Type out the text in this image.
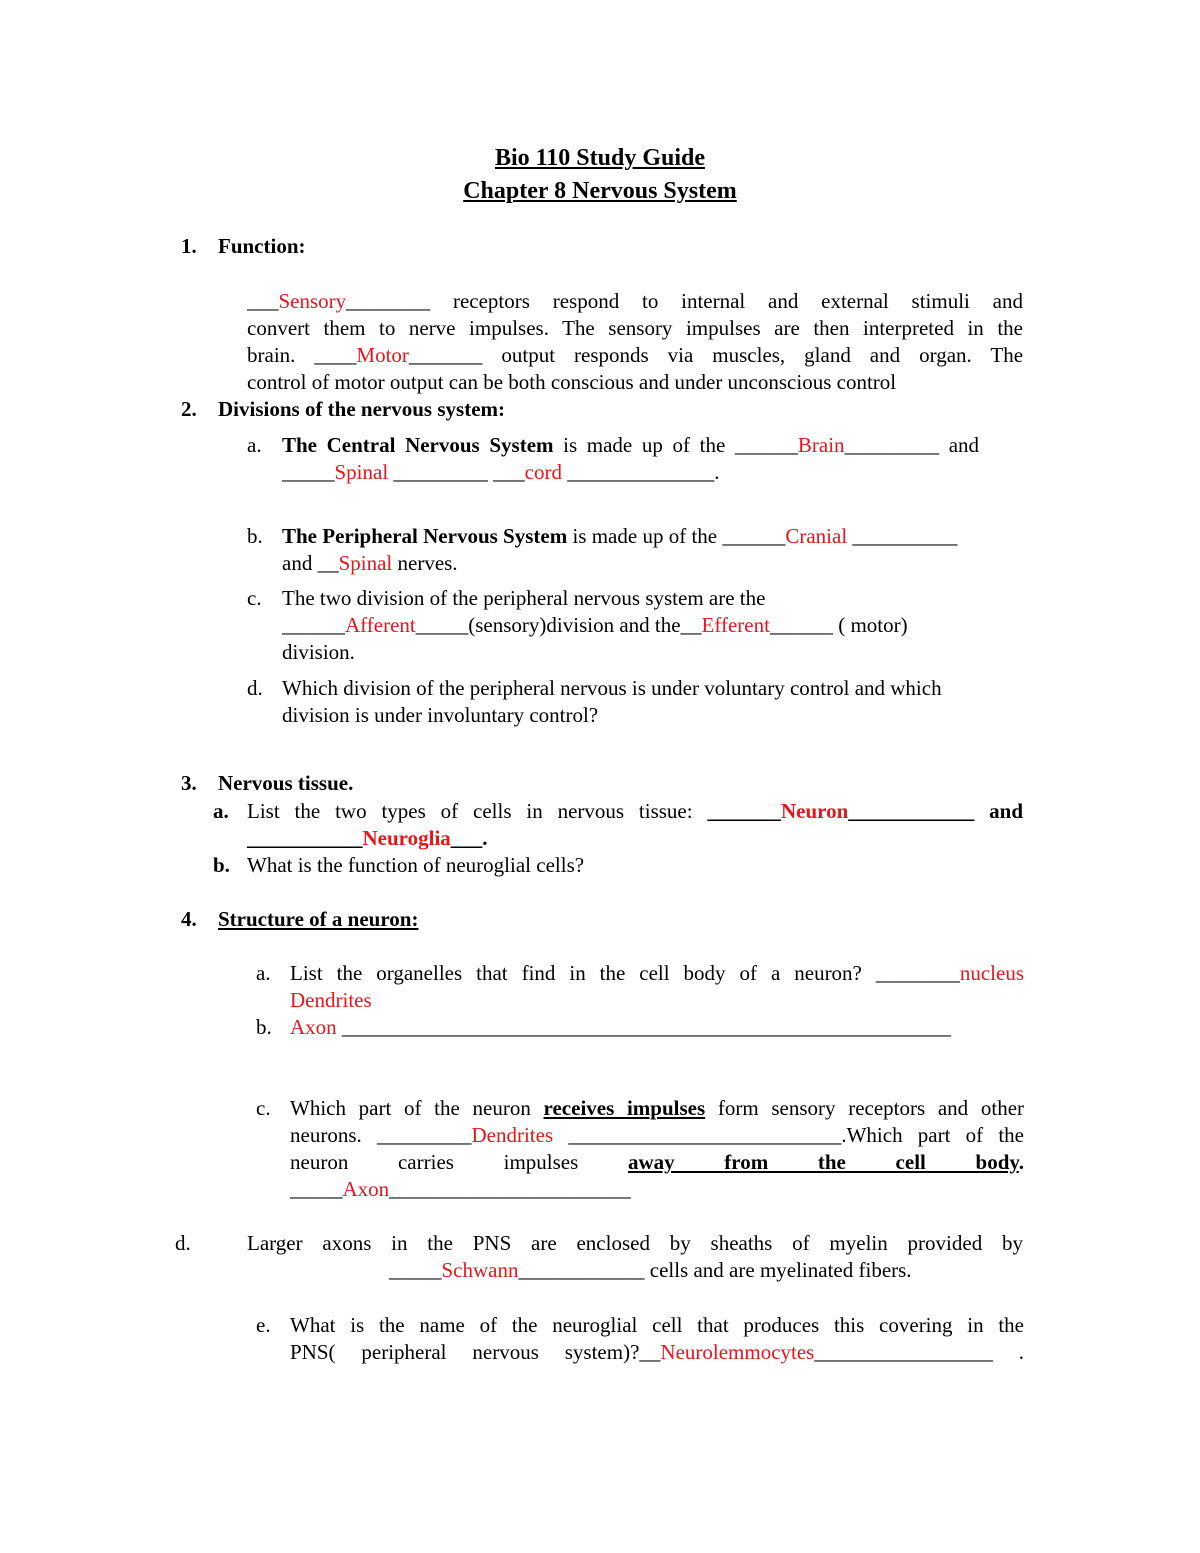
Bio 110 Study Guide
Chapter 8 Nervous System
1. Function:
___Sensory________ receptors respond to internal and external stimuli and
convert them to nerve impulses. The sensory impulses are then interpreted in the
brain. ____Motor_______ output responds via muscles, gland and organ. The
control of motor output can be both conscious and under unconscious control
2. Divisions of the nervous system:
a. The Central Nervous System is made up of the ______Brain_________ and
_____Spinal _________ ___cord ______________.
b. The Peripheral Nervous System is made up of the ______Cranial __________
and __Spinal nerves.
c. The two division of the peripheral nervous system are the
______Afferent_____(sensory)division and the__Efferent______ ( motor)
division.
d. Which division of the peripheral nervous is under voluntary control and which
division is under involuntary control?
3. Nervous tissue.
a. List the two types of cells in nervous tissue: _______Neuron____________ and
___________Neuroglia___.
b. What is the function of neuroglial cells?
4. Structure of a neuron:
a. List the organelles that find in the cell body of a neuron? ________nucleus
Dendrites
b. Axon __________________________________________________________
c. Which part of the neuron receives impulses form sensory receptors and other
neurons. _________Dendrites __________________________.Which part of the
neuron carries impulses away from the cell body.
_____Axon_______________________
d.	Larger axons in the PNS are enclosed by sheaths of myelin provided by
_____Schwann____________ cells and are myelinated fibers.
e. What is the name of the neuroglial cell that produces this covering in the
PNS( peripheral nervous system)?__Neurolemmocytes_________________ .
